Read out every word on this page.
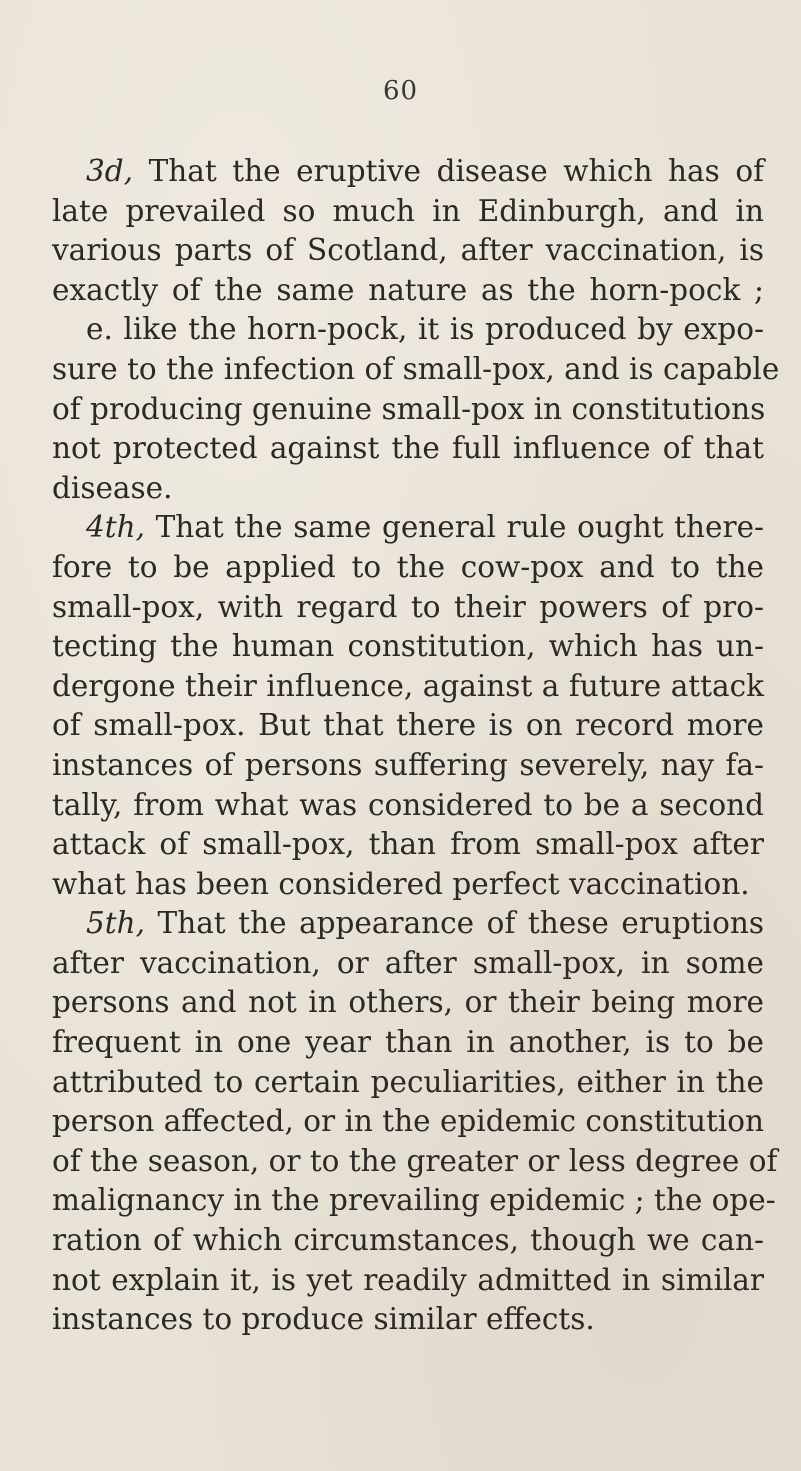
60
3d, That the eruptive disease which has of
late prevailed so much in Edinburgh, and in
various parts of Scotland, after vaccination, is
exactly of the same nature as the horn-pock ;
e. like the horn-pock, it is produced by expo-
sure to the infection of small-pox, and is capable
of producing genuine small-pox in constitutions
not protected against the full influence of that
disease.
4th, That the same general rule ought there-
fore to be applied to the cow-pox and to the
small-pox, with regard to their powers of pro-
tecting the human constitution, which has un-
dergone their influence, against a future attack
of small-pox. But that there is on record more
instances of persons suffering severely, nay fa-
tally, from what was considered to be a second
attack of small-pox, than from small-pox after
what has been considered perfect vaccination.
5th, That the appearance of these eruptions
after vaccination, or after small-pox, in some
persons and not in others, or their being more
frequent in one year than in another, is to be
attributed to certain peculiarities, either in the
person affected, or in the epidemic constitution
of the season, or to the greater or less degree of
malignancy in the prevailing epidemic ; the ope-
ration of which circumstances, though we can-
not explain it, is yet readily admitted in similar
instances to produce similar effects.
